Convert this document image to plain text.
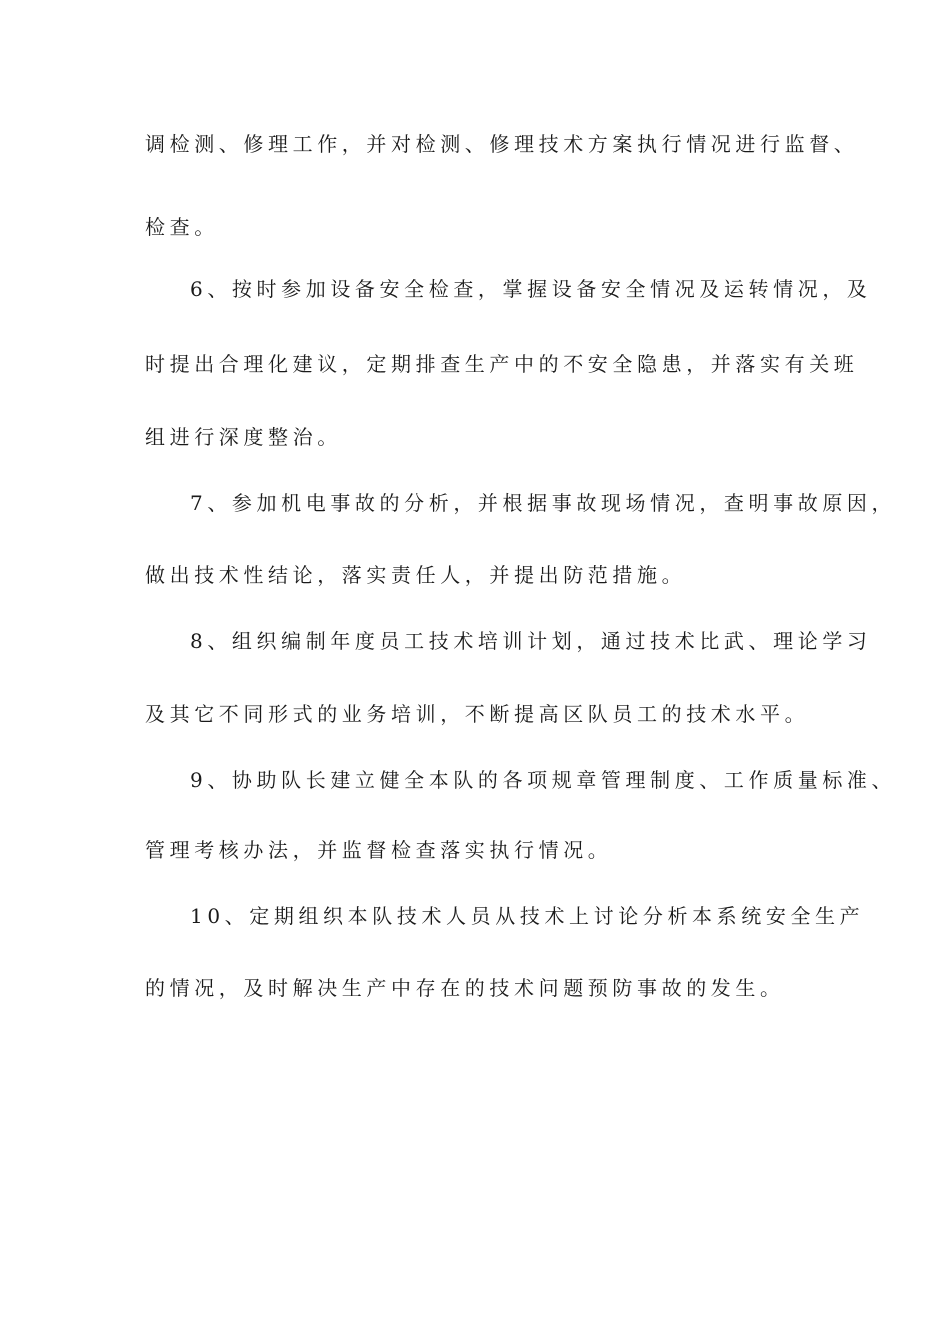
调检测、修理工作，并对检测、修理技术方案执行情况进行监督、
检查。
6、按时参加设备安全检查，掌握设备安全情况及运转情况，及
时提出合理化建议，定期排查生产中的不安全隐患，并落实有关班
组进行深度整治。
7、参加机电事故的分析，并根据事故现场情况，查明事故原因，
做出技术性结论，落实责任人，并提出防范措施。
8、组织编制年度员工技术培训计划，通过技术比武、理论学习
及其它不同形式的业务培训，不断提高区队员工的技术水平。
9、协助队长建立健全本队的各项规章管理制度、工作质量标准、
管理考核办法，并监督检查落实执行情况。
10、定期组织本队技术人员从技术上讨论分析本系统安全生产
的情况，及时解决生产中存在的技术问题预防事故的发生。
